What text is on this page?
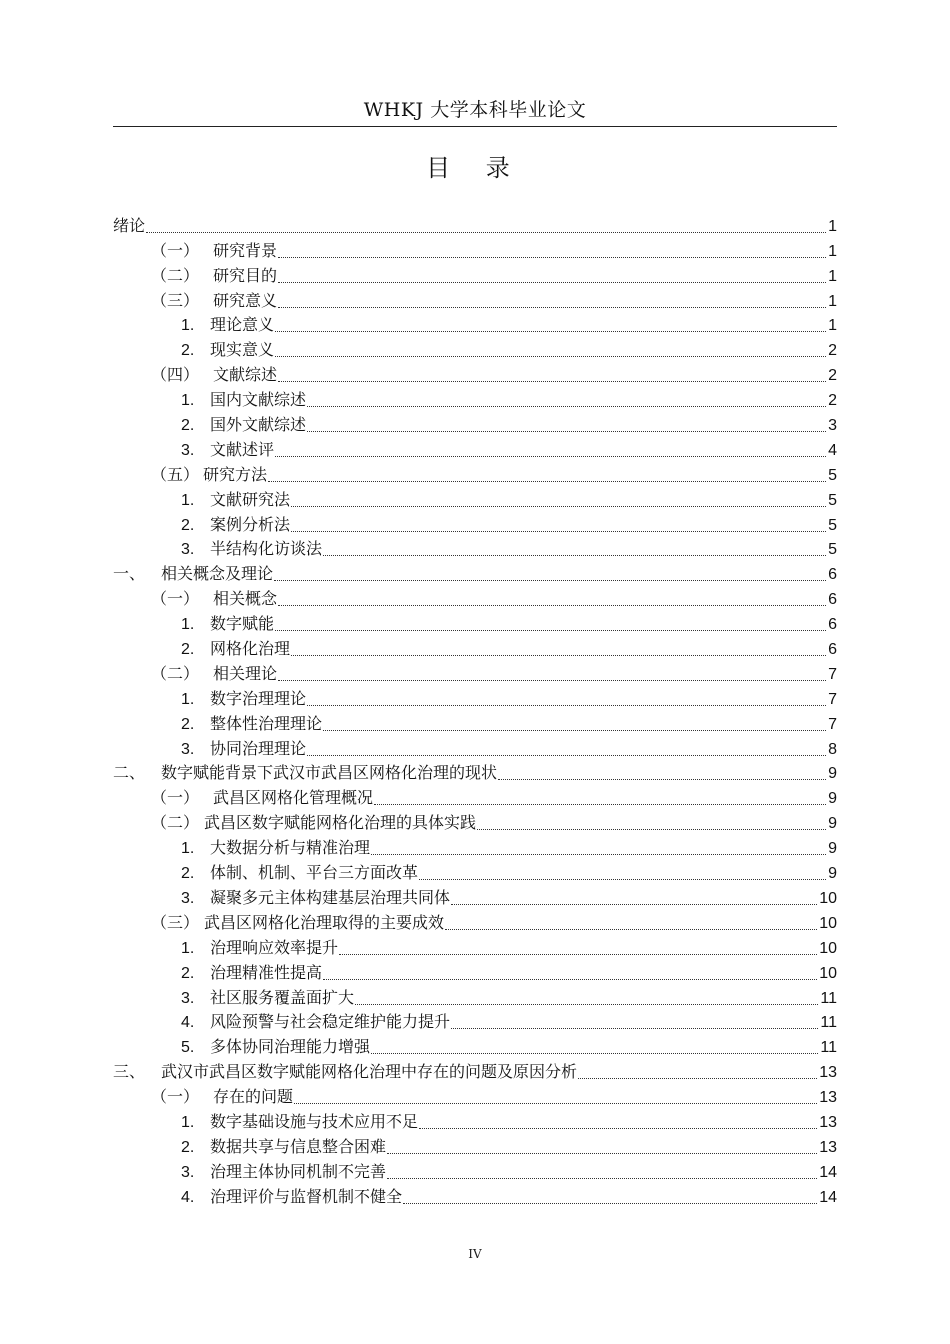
WHKJ 大学本科毕业论文
目 录
绪论	1
（一） 研究背景	1
（二） 研究目的	1
（三） 研究意义	1
1. 理论意义	1
2. 现实意义	2
（四） 文献综述	2
1. 国内文献综述	2
2. 国外文献综述	3
3. 文献述评	4
（五） 研究方法	5
1. 文献研究法	5
2. 案例分析法	5
3. 半结构化访谈法	5
一、 相关概念及理论	6
（一） 相关概念	6
1. 数字赋能	6
2. 网格化治理	6
（二） 相关理论	7
1. 数字治理理论	7
2. 整体性治理理论	7
3. 协同治理理论	8
二、 数字赋能背景下武汉市武昌区网格化治理的现状	9
（一） 武昌区网格化管理概况	9
（二） 武昌区数字赋能网格化治理的具体实践	9
1. 大数据分析与精准治理	9
2. 体制、机制、平台三方面改革	9
3. 凝聚多元主体构建基层治理共同体	10
（三） 武昌区网格化治理取得的主要成效	10
1. 治理响应效率提升	10
2. 治理精准性提高	10
3. 社区服务覆盖面扩大	11
4. 风险预警与社会稳定维护能力提升	11
5. 多体协同治理能力增强	11
三、 武汉市武昌区数字赋能网格化治理中存在的问题及原因分析	13
（一） 存在的问题	13
1. 数字基础设施与技术应用不足	13
2. 数据共享与信息整合困难	13
3. 治理主体协同机制不完善	14
4. 治理评价与监督机制不健全	14
IV
